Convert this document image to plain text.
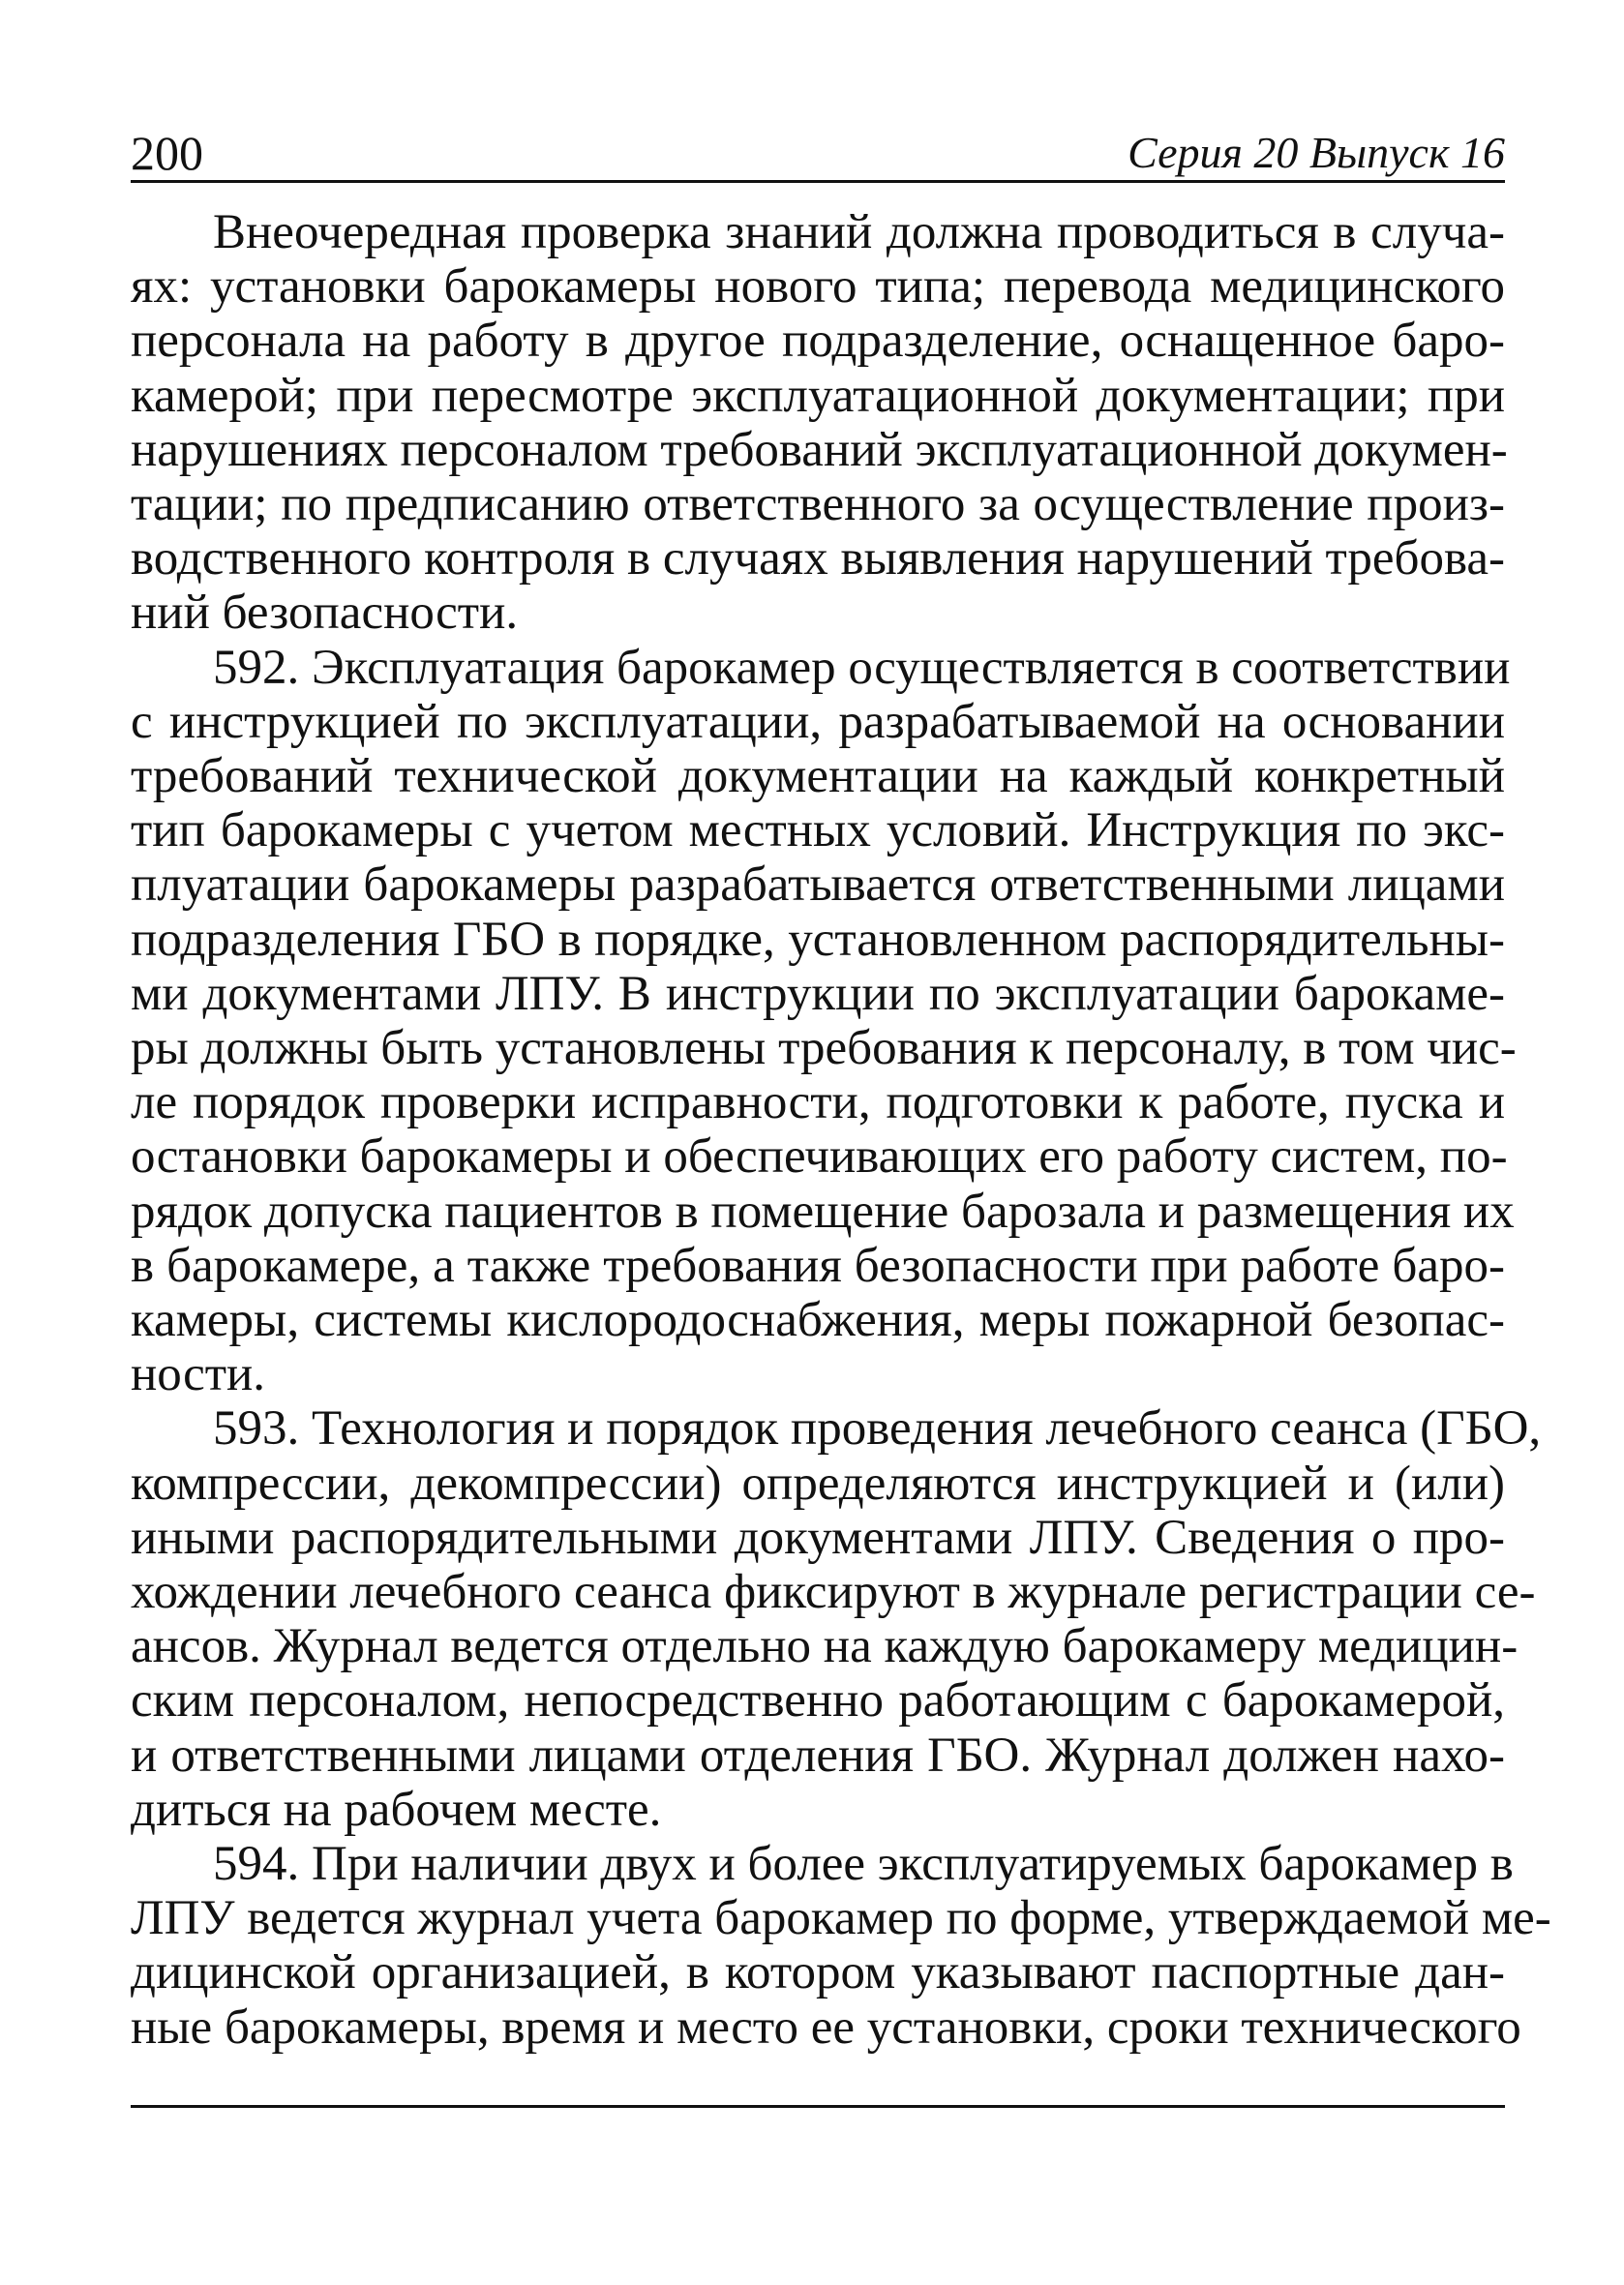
200	Серия 20 Выпуск 16
Внеочередная проверка знаний должна проводиться в случа-
ях: установки барокамеры нового типа; перевода медицинского
персонала на работу в другое подразделение, оснащенное баро-
камерой; при пересмотре эксплуатационной документации; при
нарушениях персоналом требований эксплуатационной докумен-
тации; по предписанию ответственного за осуществление произ-
водственного контроля в случаях выявления нарушений требова-
ний безопасности.
592. Эксплуатация барокамер осуществляется в соответствии
с инструкцией по эксплуатации, разрабатываемой на основании
требований технической документации на каждый конкретный
тип барокамеры с учетом местных условий. Инструкция по экс-
плуатации барокамеры разрабатывается ответственными лицами
подразделения ГБО в порядке, установленном распорядительны-
ми документами ЛПУ. В инструкции по эксплуатации барокаме-
ры должны быть установлены требования к персоналу, в том чис-
ле порядок проверки исправности, подготовки к работе, пуска и
остановки барокамеры и обеспечивающих его работу систем, по-
рядок допуска пациентов в помещение барозала и размещения их
в барокамере, а также требования безопасности при работе баро-
камеры, системы кислородоснабжения, меры пожарной безопас-
ности.
593. Технология и порядок проведения лечебного сеанса (ГБО,
компрессии, декомпрессии) определяются инструкцией и (или)
иными распорядительными документами ЛПУ. Сведения о про-
хождении лечебного сеанса фиксируют в журнале регистрации се-
ансов. Журнал ведется отдельно на каждую барокамеру медицин-
ским персоналом, непосредственно работающим с барокамерой,
и ответственными лицами отделения ГБО. Журнал должен нахо-
диться на рабочем месте.
594. При наличии двух и более эксплуатируемых барокамер в
ЛПУ ведется журнал учета барокамер по форме, утверждаемой ме-
дицинской организацией, в котором указывают паспортные дан-
ные барокамеры, время и место ее установки, сроки технического
